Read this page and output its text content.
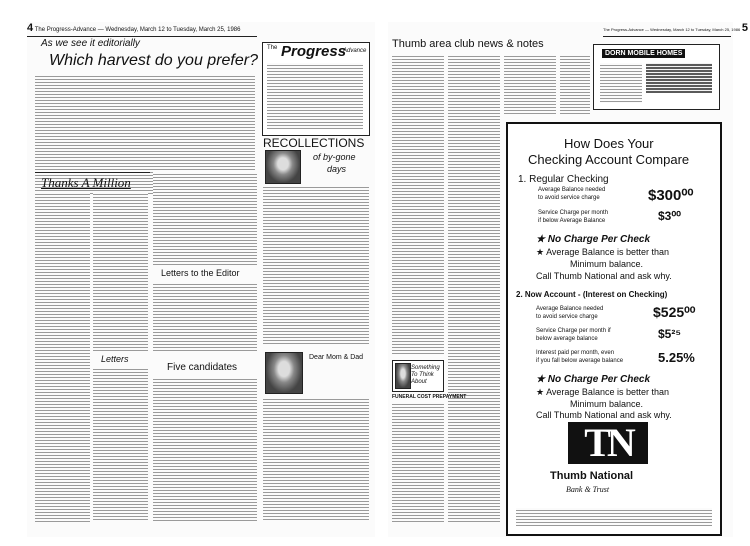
4 The Progress-Advance — Wednesday, March 12 to Tuesday, March 25, 1986
As we see it editorially
Which harvest do you prefer?
Thanks A Million
Letters
Letters to the Editor
Five candidates
The Progress
Advance
RECOLLECTIONS
of by-gone
days
Dear Mom & Dad
The Progress-Advance — Wednesday, March 12 to Tuesday, March 25, 1986 5
Thumb area club news & notes
DORN MOBILE HOMES
Something To Think About
FUNERAL COST PREPAYMENT
How Does Your
Checking Account Compare
1. Regular Checking
Average Balance needed
to avoid service charge	$300⁰⁰
Service Charge per month
if below Average Balance	$3⁰⁰
★ No Charge Per Check
★ Average Balance is better than
Minimum balance.
Call Thumb National and ask why.
2. Now Account - (Interest on Checking)
Average Balance needed
to avoid service charge	$525⁰⁰
Service Charge per month if
below average balance	$5²⁵
Interest paid per month, even
if you fall below average balance	5.25%
★ No Charge Per Check
★ Average Balance is better than
Minimum balance.
Call Thumb National and ask why.
TN
Thumb National
Bank & Trust
